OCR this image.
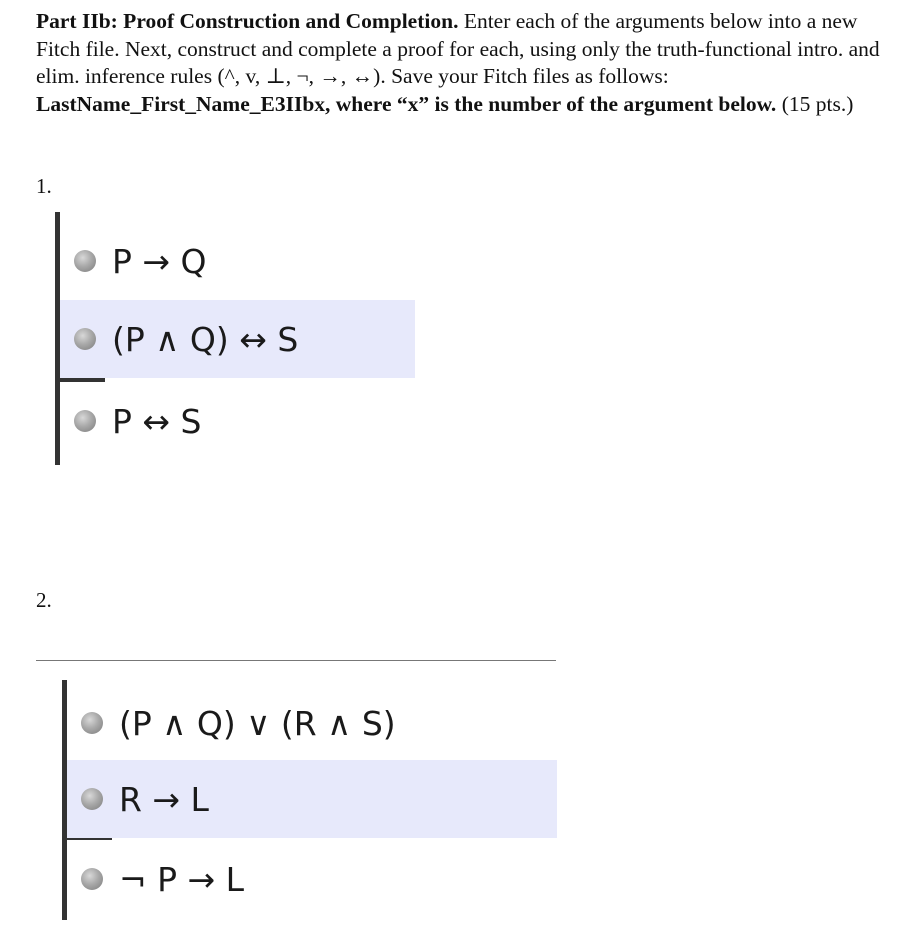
Part IIb: Proof Construction and Completion. Enter each of the arguments below into a new Fitch file. Next, construct and complete a proof for each, using only the truth-functional intro. and elim. inference rules (^, v, ⊥, ¬, →, ↔). Save your Fitch files as follows: LastName_First_Name_E3IIbx, where “x” is the number of the argument below. (15 pts.)
1.
P → Q
(P ∧ Q) ↔ S
P ↔ S
2.
(P ∧ Q) ∨ (R ∧ S)
R → L
¬ P → L
